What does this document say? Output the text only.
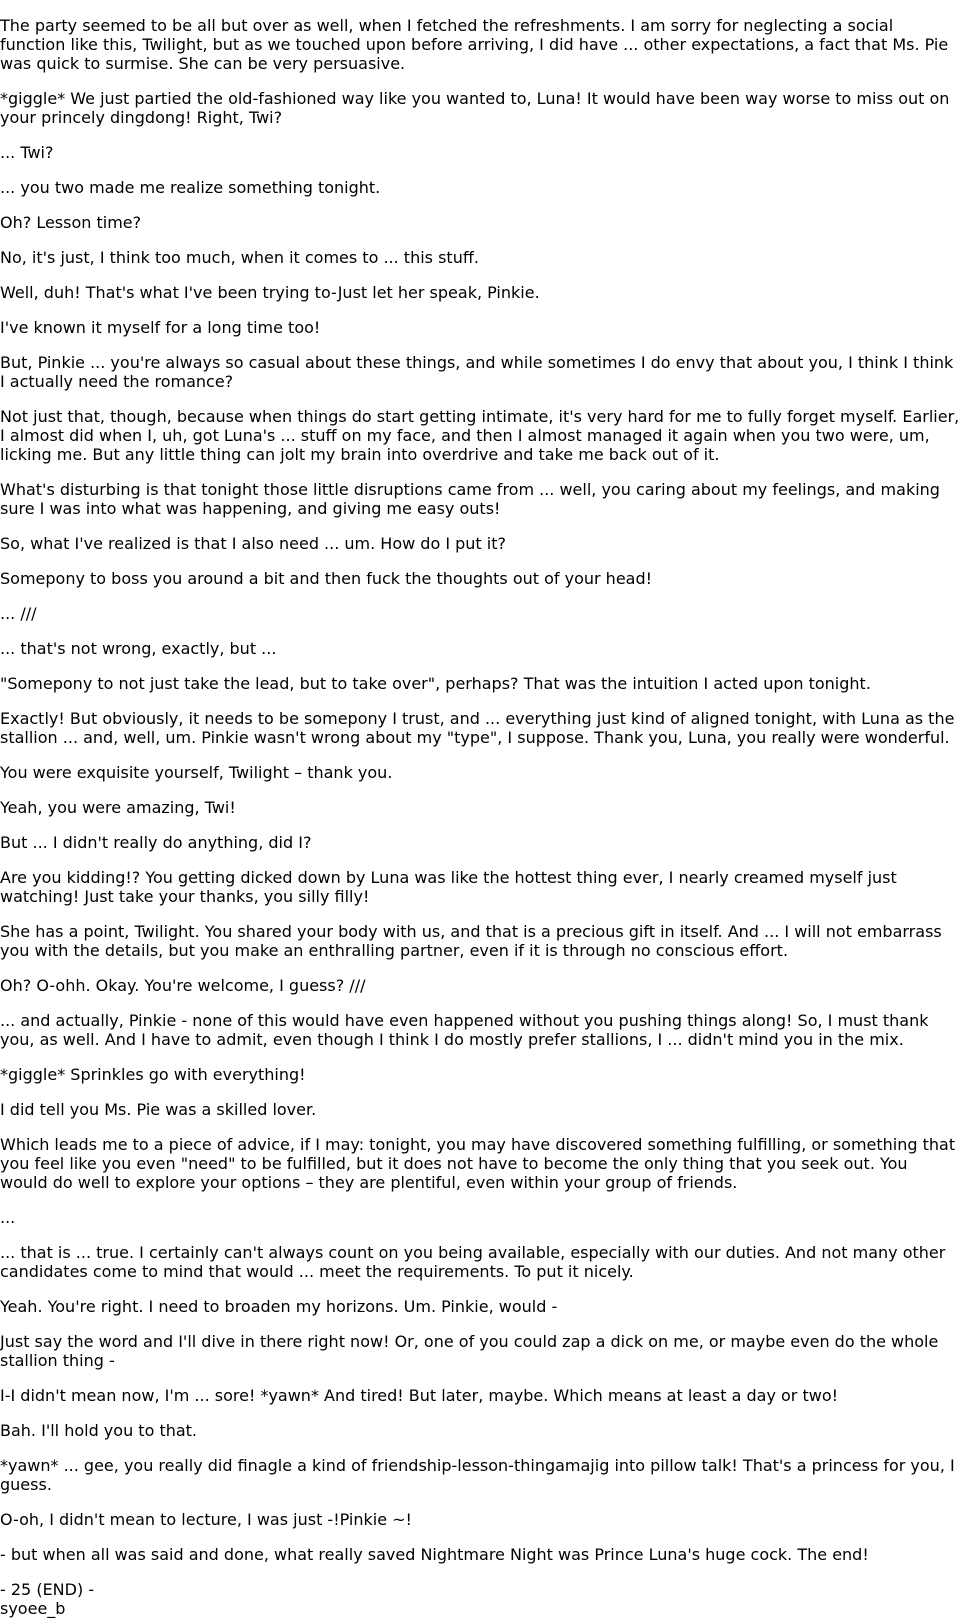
The party seemed to be all but over as well, when I fetched the refreshments. I am sorry for neglecting a social function like this, Twilight, but as we touched upon before arriving, I did have ... other expectations, a fact that Ms. Pie was quick to surmise. She can be very persuasive.

*giggle* We just partied the old-fashioned way like you wanted to, Luna! It would have been way worse to miss out on your princely dingdong! Right, Twi?

... Twi?

... you two made me realize something tonight.

Oh? Lesson time?

No, it's just, I think too much, when it comes to ... this stuff.

Well, duh! That's what I've been trying to-Just let her speak, Pinkie.

I've known it myself for a long time too!

But, Pinkie ... you're always so casual about these things, and while sometimes I do envy that about you, I think I think I actually need the romance?

Not just that, though, because when things do start getting intimate, it's very hard for me to fully forget myself. Earlier, I almost did when I, uh, got Luna's ... stuff on my face, and then I almost managed it again when you two were, um, licking me. But any little thing can jolt my brain into overdrive and take me back out of it.

What's disturbing is that tonight those little disruptions came from ... well, you caring about my feelings, and making sure I was into what was happening, and giving me easy outs!

So, what I've realized is that I also need ... um. How do I put it?

Somepony to boss you around a bit and then fuck the thoughts out of your head!

... ///

... that's not wrong, exactly, but ...

"Somepony to not just take the lead, but to take over", perhaps? That was the intuition I acted upon tonight.

Exactly! But obviously, it needs to be somepony I trust, and ... everything just kind of aligned tonight, with Luna as the stallion ... and, well, um. Pinkie wasn't wrong about my "type", I suppose. Thank you, Luna, you really were wonderful.

You were exquisite yourself, Twilight – thank you.

Yeah, you were amazing, Twi!

But ... I didn't really do anything, did I?

Are you kidding!? You getting dicked down by Luna was like the hottest thing ever, I nearly creamed myself just watching! Just take your thanks, you silly filly!

She has a point, Twilight. You shared your body with us, and that is a precious gift in itself. And ... I will not embarrass you with the details, but you make an enthralling partner, even if it is through no conscious effort.

Oh? O-ohh. Okay. You're welcome, I guess? ///

... and actually, Pinkie - none of this would have even happened without you pushing things along! So, I must thank you, as well. And I have to admit, even though I think I do mostly prefer stallions, I ... didn't mind you in the mix.

*giggle* Sprinkles go with everything!

I did tell you Ms. Pie was a skilled lover.

Which leads me to a piece of advice, if I may: tonight, you may have discovered something fulfilling, or something that you feel like you even "need" to be fulfilled, but it does not have to become the only thing that you seek out. You would do well to explore your options – they are plentiful, even within your group of friends.

...

... that is ... true. I certainly can't always count on you being available, especially with our duties. And not many other candidates come to mind that would ... meet the requirements. To put it nicely.

Yeah. You're right. I need to broaden my horizons. Um. Pinkie, would -

Just say the word and I'll dive in there right now! Or, one of you could zap a dick on me, or maybe even do the whole stallion thing -

I-I didn't mean now, I'm ... sore! *yawn* And tired! But later, maybe. Which means at least a day or two!

Bah. I'll hold you to that.

*yawn* ... gee, you really did finagle a kind of friendship-lesson-thingamajig into pillow talk! That's a princess for you, I guess.

O-oh, I didn't mean to lecture, I was just -!Pinkie ~!

- but when all was said and done, what really saved Nightmare Night was Prince Luna's huge cock. The end!

- 25 (END) -
syoee_b
